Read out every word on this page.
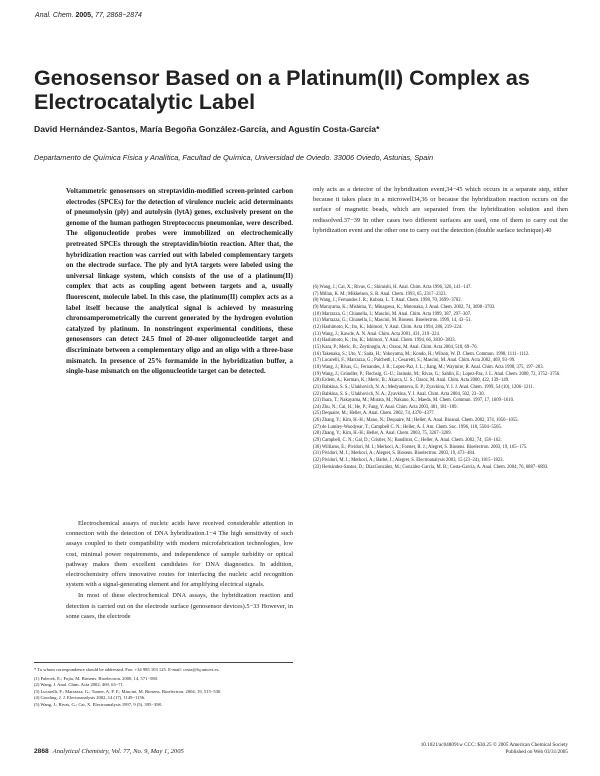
Anal. Chem. 2005, 77, 2868−2874
Genosensor Based on a Platinum(II) Complex as Electrocatalytic Label
David Hernández-Santos, María Begoña González-García, and Agustín Costa-García*
Departamento de Química Física y Analítica, Facultad de Química, Universidad de Oviedo. 33006 Oviedo, Asturias, Spain

Voltammetric genosensors on streptavidin-modified screen-printed carbon electrodes (SPCEs) for the detection of virulence nucleic acid determinants of pneumolysin (ply) and autolysin (lytA) genes, exclusively present on the genome of the human pathogen Streptococcus pneumoniae, were described. The oligonucleotide probes were immobilized on electrochemically pretreated SPCEs through the streptavidin/biotin reaction. After that, the hybridization reaction was carried out with labeled complementary targets on the electrode surface. The ply and lytA targets were labeled using the universal linkage system, which consists of the use of a platinum(II) complex that acts as coupling agent between targets and a, usually fluorescent, molecule label. In this case, the platinum(II) complex acts as a label itself because the analytical signal is achieved by measuring chronoamperometrically the current generated by the hydrogen evolution catalyzed by platinum. In nonstringent experimental conditions, these genosensors can detect 24.5 fmol of 20-mer oligonucleotide target and discriminate between a complementary oligo and an oligo with a three-base mismatch. In presence of 25% formamide in the hybridization buffer, a single-base mismatch on the oligonucleotide target can be detected.

Electrochemical assays of nucleic acids have received considerable attention in connection with the detection of DNA hybridization.1−4 The high sensitivity of such assays coupled to their compatibility with modern microfabrication technologies, low cost, minimal power requirements, and independence of sample turbidity or optical pathway makes them excellent candidates for DNA diagnostics. In addition, electrochemistry offers innovative routes for interfacing the nucleic acid recognition system with a signal-generating element and for amplifying electrical signals.

In most of these electrochemical DNA assays, the hybridization reaction and detection is carried out on the electrode surface (genosensor devices).5−33 However, in some cases, the electrode

* To whom correspondence should be addressed. Fax: +34 985 103 125. E-mail: costa@fq.uniovi.es.

(1) Palecek, E.; Fojta, M. Biosens. Bioelectron. 2000, 14, 571−580.
(2) Wang, J. Anal. Chim. Acta 2002, 469, 63−71.
(3) Lucarelli, F.; Marrazza, G.; Turner, A. P. F.; Mascini, M. Biosens. Bioelectron. 2004, 19, 515−530.
(4) Gooding, J. J. Electroanalysis 2002, 14 (17), 1149−1156.
(5) Wang, J.; Rivas, G.; Cai, X. Electroanalysis 1997, 9 (5), 395−398.

only acts as a detector of the hybridization event,34−45 which occurs in a separate step, either because it takes place in a microwell34,36 or because the hybridization reaction occurs on the surface of magnetic beads, which are separated from the hybridization solution and then redissolved.37−39 In other cases two different surfaces are used, one of them to carry out the hybridization event and the other one to carry out the detection (double surface technique).40

(6) Wang, J.; Cai, X.; Rivas, G.; Shiraishi, H. Anal. Chim. Acta 1996, 326, 141−147.
(7) Millan, K. M.; Mikkelsen, S. R. Anal. Chem. 1993, 65, 2317−2323.
(8) Wang, J.; Fernandes J. R.; Kubota, L. T. Anal. Chem. 1998, 70, 3699−3702.
(9) Maruyama, K.; Mishima, Y.; Minagawa, K.; Motonaka, J. Anal. Chem. 2002, 74, 3698−3703.
(10) Marrazza, G.; Chianella, I.; Mascini, M. Anal. Chim. Acta 1999, 387, 297−307.
(11) Marrazza, G.; Chianella, I.; Mascini, M. Biosens. Bioelectron. 1999, 14, 43−51.
(12) Hashimoto, K.; Ito, K.; Ishimori, Y. Anal. Chim. Acta 1994, 286, 219−224.
(13) Wang, J.; Kawde, A. N. Anal. Chim. Acta 2001, 431, 219−224.
(14) Hashimoto, K.; Ito, K.; Ishimori, Y. Anal. Chem. 1994, 66, 3830−3833.
(15) Kara, P.; Meric, B.; Zeytinoglu, A.; Ozsoz, M. Anal. Chim. Acta 2004, 518, 69−76.
(16) Takenaka, S.; Uto, Y.; Saita, H.; Yokoyama, M.; Kondo, H.; Wilson, W. D. Chem. Commun. 1998, 1111−1112.
(17) Lucarelli, F.; Marrazza, G.; Palchetti, I.; Cesaretti, S.; Mascini, M. Anal. Chim. Acta 2002, 469, 93−99.
(18) Wang, J.; Rivas, G.; Fernandes, J. R.; Lopez-Paz, J. L.; Jiang, M.; Waymire, R. Anal. Chim. Acta 1998, 375, 197−203.
(19) Wang, J.; Gründler, P.; Flechsig, G.-U.; Jasinski, M.; Rivas, G.; Sahlin, E.; Lopez-Paz, J. L. Anal. Chem. 2000, 72, 3752−3756.
(20) Erdem, A.; Kerman, K.; Meric, B.; Akarca, U. S.; Ozsoz, M. Anal. Chim. Acta 2000, 422, 139−149.
(21) Babkina, S. S.; Ulakhovich, N. A.; Medyantseva, E. P.; Zyavkina, Y. I. J. Anal. Chem. 1999, 54 (10), 1206−1211.
(22) Babkina, S. S.; Ulakhovich, N. A.; Zyavkina, Y. I. Anal. Chim. Acta 2004, 502, 23−30.
(23) Ihara, T.; Nakayama, M.; Murata, M.; Nakano, K.; Maeda, M. Chem. Commun. 1997, 17, 1609−1610.
(24) Zhu, N.; Cai, H.; He, P.; Fang, Y. Anal. Chim. Acta 2003, 481, 181−189.
(25) Dequaire, M.; Heller, A. Anal. Chem. 2002, 74, 4370−4377.
(26) Zhang, Y.; Kim, H.-H.; Mano, N.; Dequaire, M.; Heller, A. Anal. Bioanal. Chem. 2002, 374, 1050−1055.
(27) de Lumley-Woodyear, T.; Campbell C. N.; Heller, A. J. Am. Chem. Soc. 1996, 118, 5504−5505.
(28) Zhang, Y.; Kim, H.-H.; Heller, A. Anal. Chem. 2003, 75, 3267−3269.
(29) Campbell, C. N.; Gal, D.; Cristler, N.; Banditrat, C.; Heller, A. Anal. Chem. 2002, 74, 158−162.
(30) Williams, E.; Pividori, M. I.; Merkoci, A.; Forster, R. J.; Alegret, S. Biosens. Bioelectron. 2003, 19, 165−175.
(31) Pividori, M. I.; Merkoci, A.; Alegret, S. Biosens. Bioelectron. 2003, 19, 473−484.
(32) Pividori, M. I.; Merkoci, A.; Barbé, J.; Alegret, S. Electroanalysis 2003, 15 (23−24), 1815−1823.
(33) Hernández-Santos, D.; DíazGonzález, M.; González-García, M. B.; Costa-García, A. Anal. Chem. 2004, 76, 6887−6893.
2868 Analytical Chemistry, Vol. 77, No. 9, May 1, 2005
10.1021/ac048091w CCC: $30.25 © 2005 American Chemical Society
Published on Web 03/31/2005
